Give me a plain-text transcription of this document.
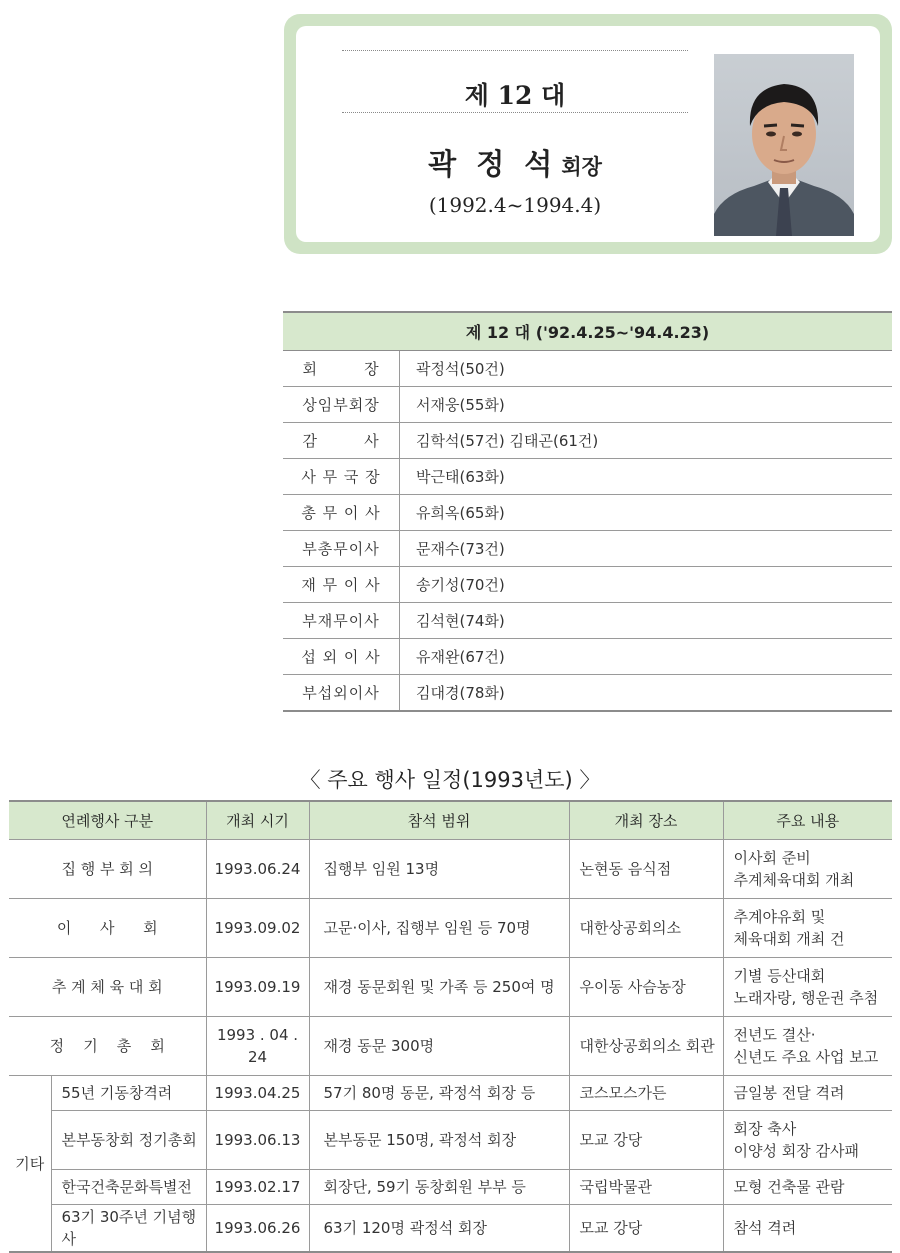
제 12 대
곽 정 석 회장
(1992.4~1994.4)
제 12 대 ('92.4.25~'94.4.23)	
회        장	곽정석(50건)
상임부회장	서재웅(55화)
감        사	김학석(57건) 김태곤(61건)
사 무 국 장	박근태(63화)
총 무 이 사	유희옥(65화)
부총무이사	문재수(73건)
재 무 이 사	송기성(70건)
부재무이사	김석현(74화)
섭 외 이 사	유재완(67건)
부섭외이사	김대경(78화)
〈 주요 행사 일정(1993년도) 〉
연례행사 구분		개최 시기	참석 범위	개최 장소	주요 내용
집 행 부 회 의		1993.06.24	집행부 임원 13명	논현동 음식점	이사회 준비
추계체육대회 개최

이      사      회		1993.09.02	고문·이사, 집행부 임원 등 70명	대한상공회의소	추계야유회 및
체육대회 개최 건

추 계 체 육 대 회		1993.09.19	재경 동문회원 및 가족 등 250여 명	우이동 사슴농장	기별 등산대회
노래자랑, 행운권 추첨

정    기    총    회		1993 . 04 . 24	재경 동문 300명	대한상공회의소 회관	전년도 결산·
신년도 주요 사업 보고

기타	55년 기동창격려	1993.04.25	57기 80명 동문, 곽정석 회장 등	코스모스가든	금일봉 전달 격려

	본부동창회 정기총회	1993.06.13	본부동문 150명, 곽정석 회장	모교 강당	회장 축사
이양성 회장 감사패

	한국건축문화특별전	1993.02.17	회장단, 59기 동창회원 부부 등	국립박물관	모형 건축물 관람

	63기 30주년 기념행사	1993.06.26	63기 120명 곽정석 회장	모교 강당	참석 격려
